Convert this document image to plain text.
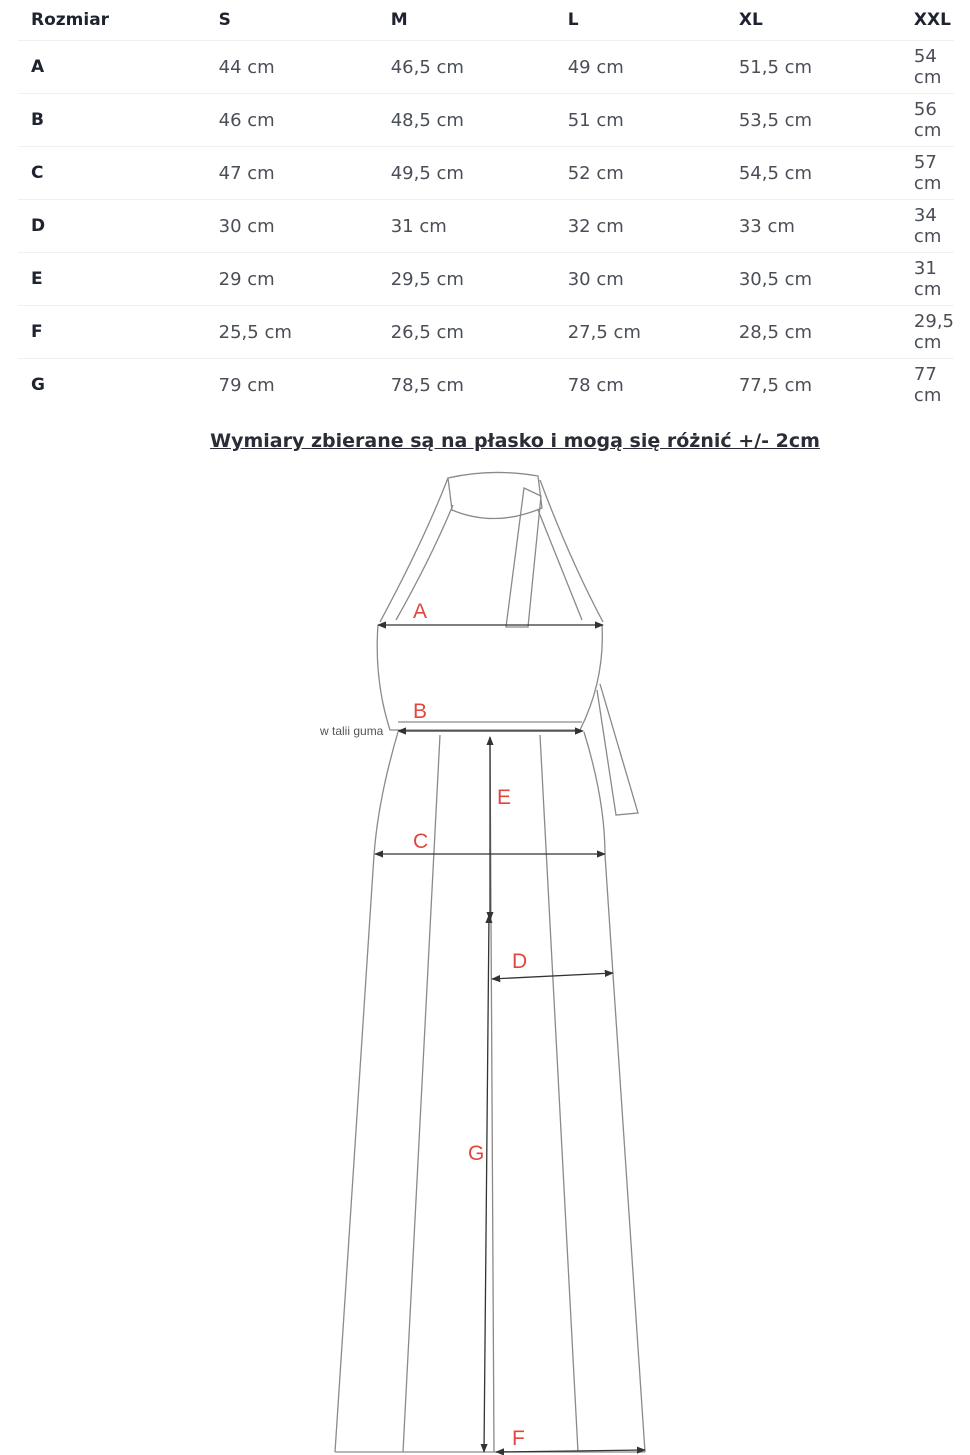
Rozmiar	S	M	L	XL	XXL
A	44 cm	46,5 cm	49 cm	51,5 cm	54 cm
B	46 cm	48,5 cm	51 cm	53,5 cm	56 cm
C	47 cm	49,5 cm	52 cm	54,5 cm	57 cm
D	30 cm	31 cm	32 cm	33 cm	34 cm
E	29 cm	29,5 cm	30 cm	30,5 cm	31 cm
F	25,5 cm	26,5 cm	27,5 cm	28,5 cm	29,5 cm
G	79 cm	78,5 cm	78 cm	77,5 cm	77 cm
Wymiary zbierane są na płasko i mogą się różnić +/- 2cm
A
B
C
E
D
G
F
w talii guma
